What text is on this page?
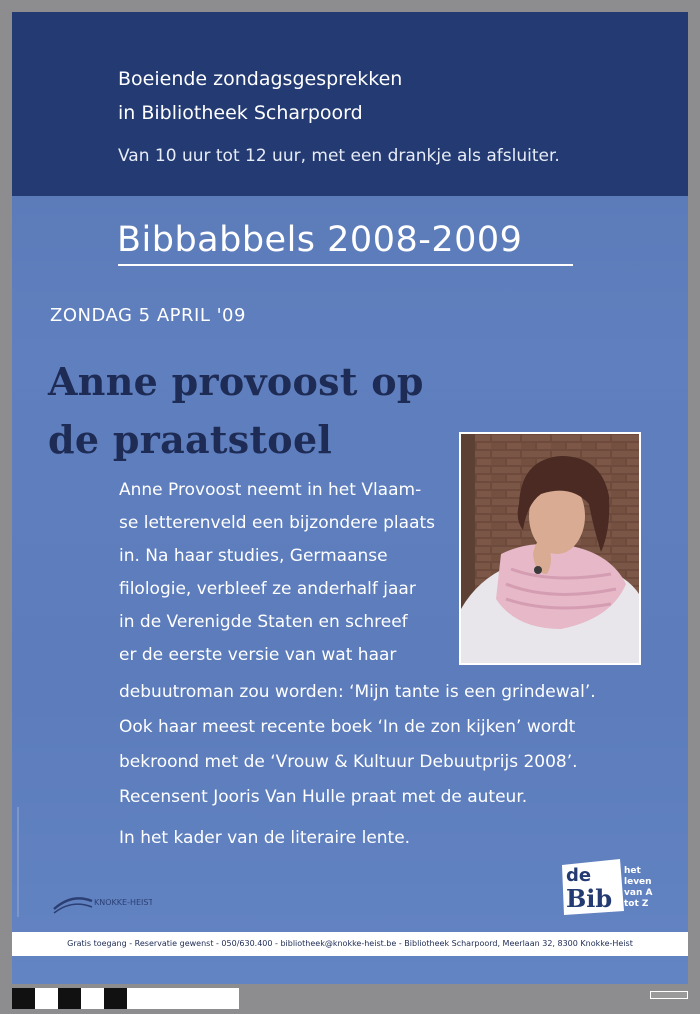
Boeiende zondagsgesprekken
in Bibliotheek Scharpoord
Van 10 uur tot 12 uur, met een drankje als afsluiter.
Bibbabbels 2008-2009
ZONDAG 5 APRIL '09
Anne provoost op
de praatstoel
Anne Provoost neemt in het Vlaam-
se letterenveld een bijzondere plaats
in. Na haar studies, Germaanse
filologie, verbleef ze anderhalf jaar
in de Verenigde Staten en schreef
er de eerste versie van wat haar
debuutroman zou worden: ‘Mijn tante is een grindewal’.
Ook haar meest recente boek ‘In de zon kijken’ wordt
bekroond met de ‘Vrouw & Kultuur Debuutprijs 2008’.
Recensent Jooris Van Hulle praat met de auteur.
In het kader van de literaire lente.
KNOKKE-HEIST
de
Bib
het
leven
van A
tot Z
Gratis toegang - Reservatie gewenst - 050/630.400 - bibliotheek@knokke-heist.be - Bibliotheek Scharpoord, Meerlaan 32, 8300 Knokke-Heist
